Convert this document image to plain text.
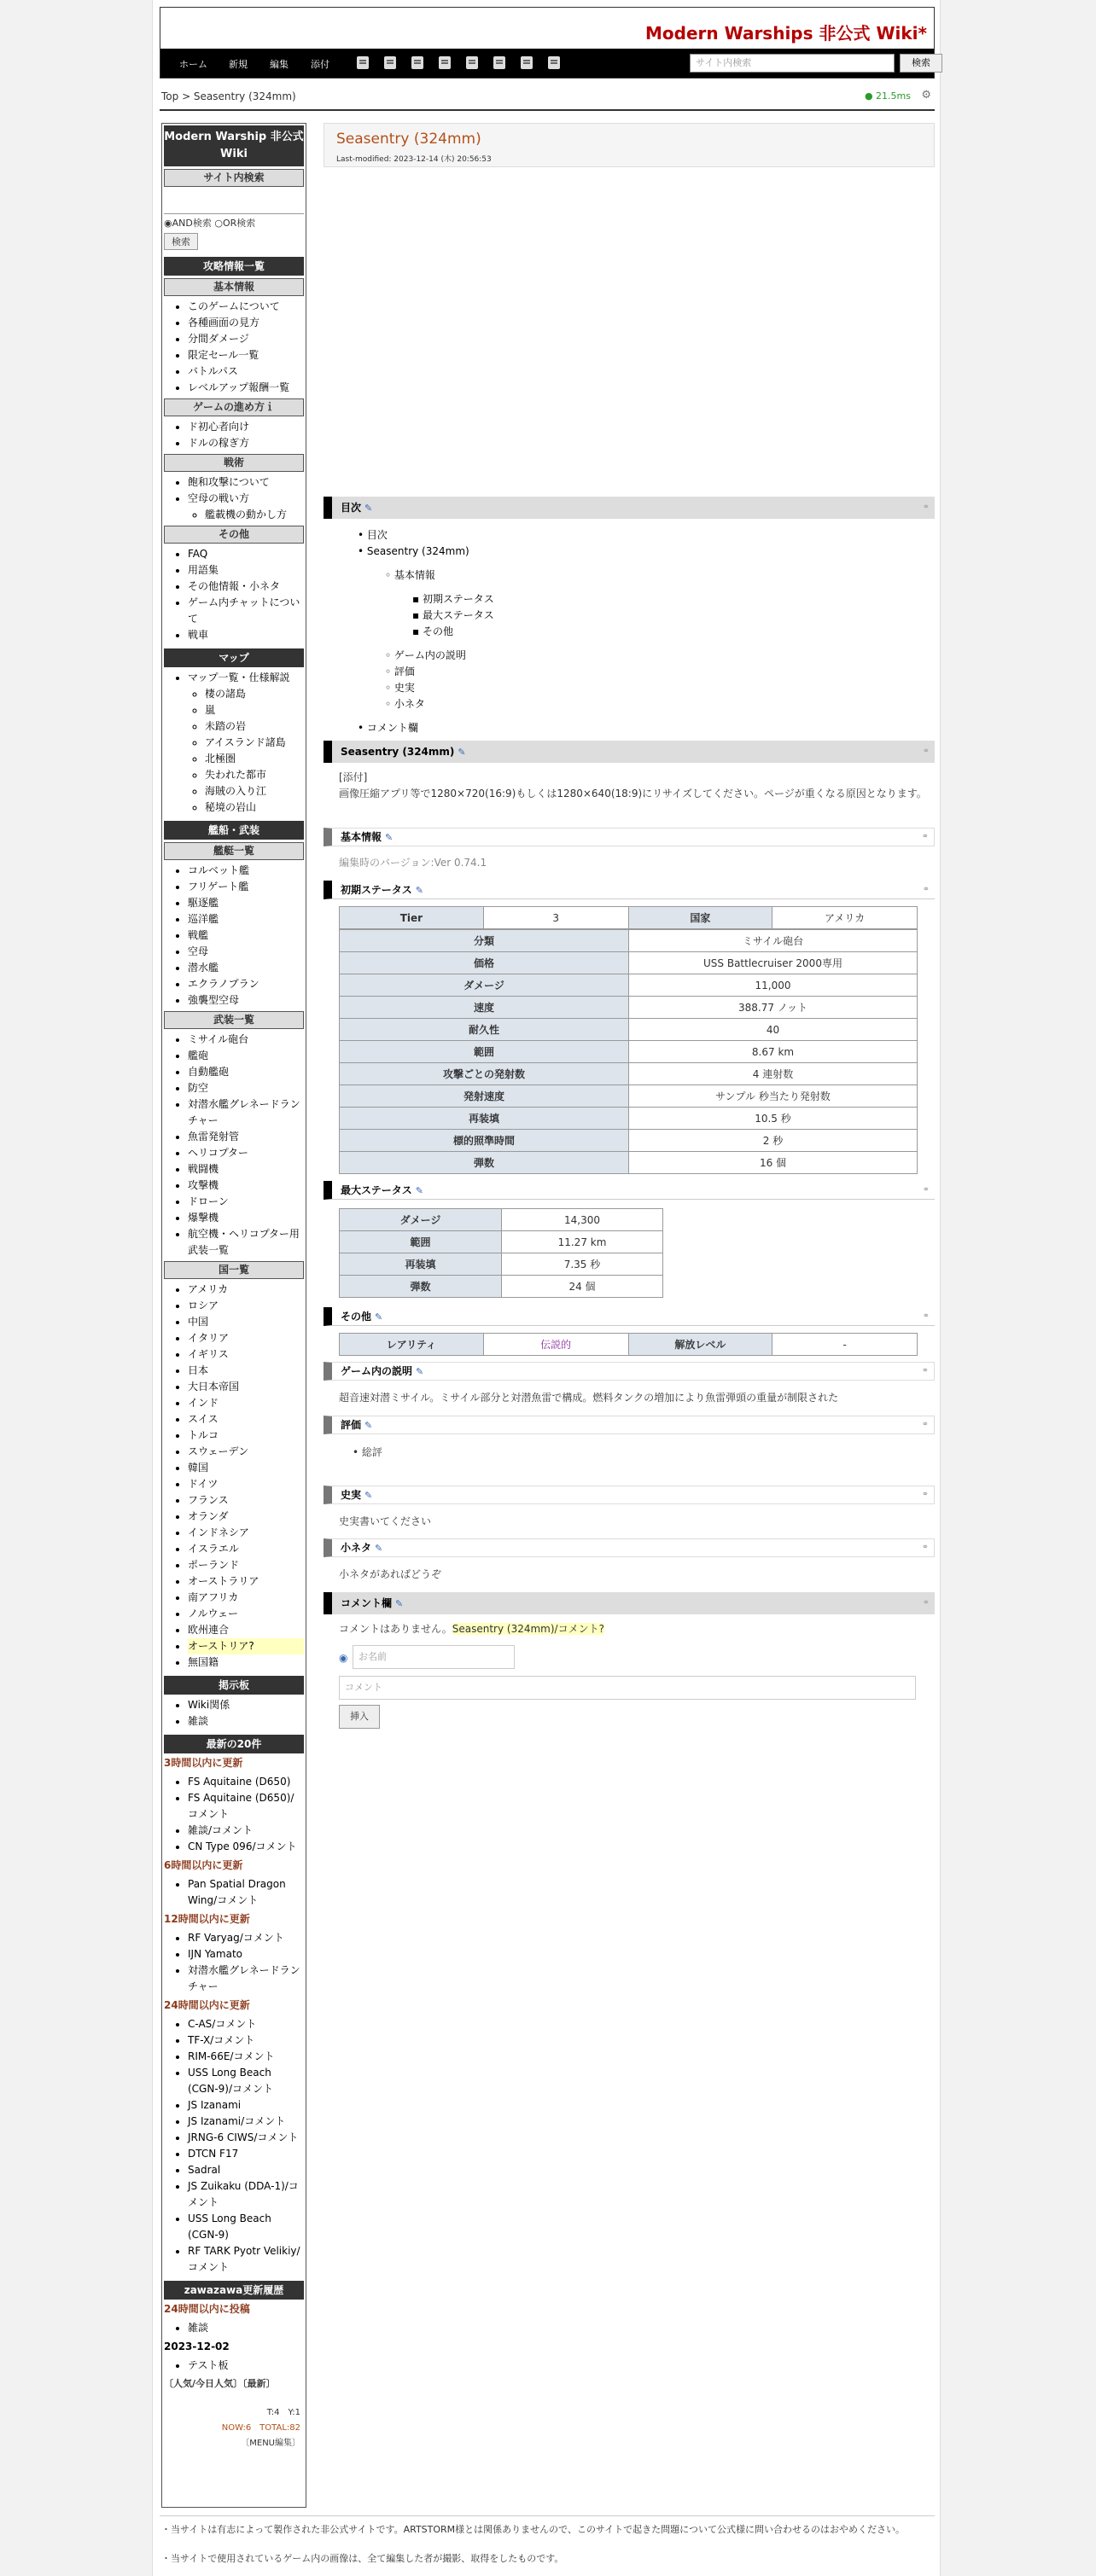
Modern Warships 非公式 Wiki*
ホーム 新規 編集 添付	サイト内検索	検索
Top > Seasentry (324mm)	● 21.5ms ⚙
Modern Warship 非公式 Wiki
サイト内検索
◉AND検索 ○OR検索
検索
攻略情報一覧
基本情報
• このゲームについて
• 各種画面の見方
• 分間ダメージ
• 限定セール一覧
• バトルパス
• レベルアップ報酬一覧
ゲームの進め方ｉ
• ド初心者向け
• ドルの稼ぎ方
戦術
• 飽和攻撃について
• 空母の戦い方
◦ 艦載機の動かし方
その他
• FAQ
• 用語集
• その他情報・小ネタ
• ゲーム内チャットについて
• 戦車
マップ
• マップ一覧・仕様解説
◦ 棲の諸島
◦ 嵐
◦ 未踏の岩
◦ アイスランド諸島
◦ 北極圏
◦ 失われた都市
◦ 海賊の入り江
◦ 秘境の岩山
艦船・武装
艦艇一覧
• コルベット艦
• フリゲート艦
• 駆逐艦
• 巡洋艦
• 戦艦
• 空母
• 潜水艦
• エクラノプラン
• 強襲型空母
武装一覧
• ミサイル砲台
• 艦砲
• 自動艦砲
• 防空
• 対潜水艦グレネードランチャー
• 魚雷発射管
• ヘリコプター
• 戦闘機
• 攻撃機
• ドローン
• 爆撃機
• 航空機・ヘリコプター用武装一覧
国一覧
• アメリカ
• ロシア
• 中国
• イタリア
• イギリス
• 日本
• 大日本帝国
• インド
• スイス
• トルコ
• スウェーデン
• 韓国
• ドイツ
• フランス
• オランダ
• インドネシア
• イスラエル
• ポーランド
• オーストラリア
• 南アフリカ
• ノルウェー
• 欧州連合
• オーストリア?
• 無国籍
掲示板
• Wiki関係
• 雑談
最新の20件
3時間以内に更新
• FS Aquitaine (D650)
• FS Aquitaine (D650)/コメント
• 雑談/コメント
• CN Type 096/コメント
6時間以内に更新
• Pan Spatial Dragon Wing/コメント
12時間以内に更新
• RF Varyag/コメント
• IJN Yamato
• 対潜水艦グレネードランチャー
24時間以内に更新
• C-AS/コメント
• TF-X/コメント
• RIM-66E/コメント
• USS Long Beach (CGN-9)/コメント
• JS Izanami
• JS Izanami/コメント
• JRNG-6 CIWS/コメント
• DTCN F17
• Sadral
• JS Zuikaku (DDA-1)/コメント
• USS Long Beach (CGN-9)
• RF TARK Pyotr Velikiy/コメント
zawazawa更新履歴
24時間以内に投稿
• 雑談
2023-12-02
• テスト板
〔人気/今日人気〕〔最新〕
T:4　Y:1
NOW:6　TOTAL:82
〔MENU編集〕
Seasentry (324mm)
Last-modified: 2023-12-14 (木) 20:56:53
目次 ✎	⚭
• 目次
• Seasentry (324mm)
◦ 基本情報
▪ 初期ステータス
▪ 最大ステータス
▪ その他
◦ ゲーム内の説明
◦ 評価
◦ 史実
◦ 小ネタ
• コメント欄
Seasentry (324mm) ✎	⚭
[添付]
画像圧縮アプリ等で1280×720(16:9)もしくは1280×640(18:9)にリサイズしてください。ページが重くなる原因となります。
基本情報 ✎	⚭
編集時のバージョン:Ver 0.74.1
初期ステータス ✎	⚭
Tier	3	国家	アメリカ
分類	ミサイル砲台
価格	USS Battlecruiser 2000専用
ダメージ	11,000
速度	388.77 ノット
耐久性	40
範囲	8.67 km
攻撃ごとの発射数	4 連射数
発射速度	サンプル 秒当たり発射数
再装填	10.5 秒
標的照準時間	2 秒
弾数	16 個
最大ステータス ✎	⚭
ダメージ	14,300
範囲	11.27 km
再装填	7.35 秒
弾数	24 個
その他 ✎	⚭
レアリティ	伝説的	解放レベル	-
ゲーム内の説明 ✎	⚭
超音速対潜ミサイル。ミサイル部分と対潜魚雷で構成。燃料タンクの増加により魚雷弾頭の重量が制限された
評価 ✎	⚭
• 総評
史実 ✎	⚭
史実書いてください
小ネタ ✎	⚭
小ネタがあればどうぞ
コメント欄 ✎	⚭
コメントはありません。Seasentry (324mm)/コメント?
◉	お名前
コメント
挿入
・当サイトは有志によって製作された非公式サイトです。ARTSTORM様とは関係ありませんので、このサイトで起きた問題について公式様に問い合わせるのはおやめください。
・当サイトで使用されているゲーム内の画像は、全て編集した者が撮影、取得をしたものです。
